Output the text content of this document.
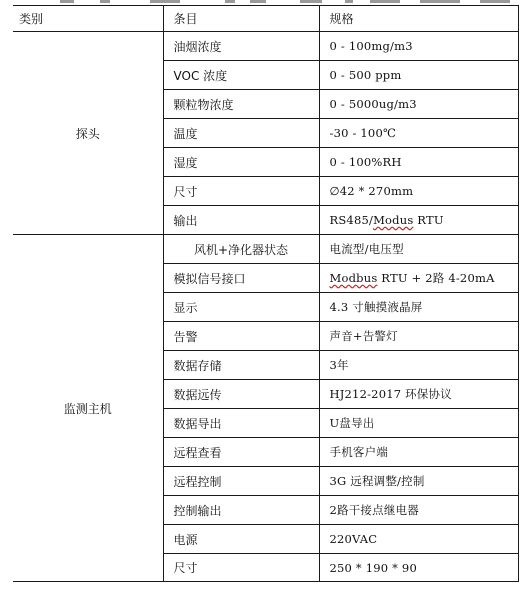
类别	条目	规格
探头	油烟浓度	0 - 100mg/m3
	VOC 浓度	0 - 500 ppm
	颗粒物浓度	0 - 5000ug/m3
	温度	-30 - 100℃
	湿度	0 - 100%RH
	尺寸	∅42 * 270mm
	输出	RS485/Modus RTU
监测主机	风机+净化器状态	电流型/电压型
	模拟信号接口	Modbus RTU + 2路 4-20mA
	显示	4.3 寸触摸液晶屏
	告警	声音+告警灯
	数据存储	3年
	数据远传	HJ212-2017 环保协议
	数据导出	U盘导出
	远程查看	手机客户端
	远程控制	3G 远程调整/控制
	控制输出	2路干接点继电器
	电源	220VAC
	尺寸	250 * 190 * 90
